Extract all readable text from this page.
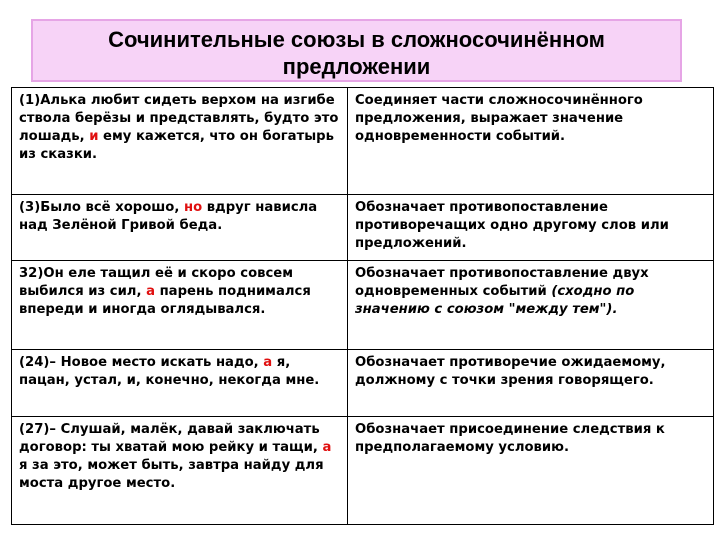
Сочинительные союзы в сложносочинённом
предложении
(1)Алька любит сидеть верхом на изгибе ствола берёзы и представлять, будто это лошадь, и ему кажется, что он богатырь из сказки.	Соединяет части сложносочинённого предложения, выражает значение одновременности событий.
(3)Было всё хорошо, но вдруг нависла над Зелёной Гривой беда.	Обозначает противопоставление противоречащих одно другому слов или предложений.
32)Он еле тащил её и скоро совсем выбился из сил, а парень поднимался впереди и иногда оглядывался.	Обозначает противопоставление двух одновременных событий (сходно по значению с союзом "между тем").
(24)– Новое место искать надо, а я, пацан, устал, и, конечно, некогда мне.	Обозначает противоречие ожидаемому, должному с точки зрения говорящего.
(27)– Слушай, малёк, давай заключать договор: ты хватай мою рейку и тащи, а я за это, может быть, завтра найду для моста другое место.	Обозначает присоединение следствия к предполагаемому условию.
